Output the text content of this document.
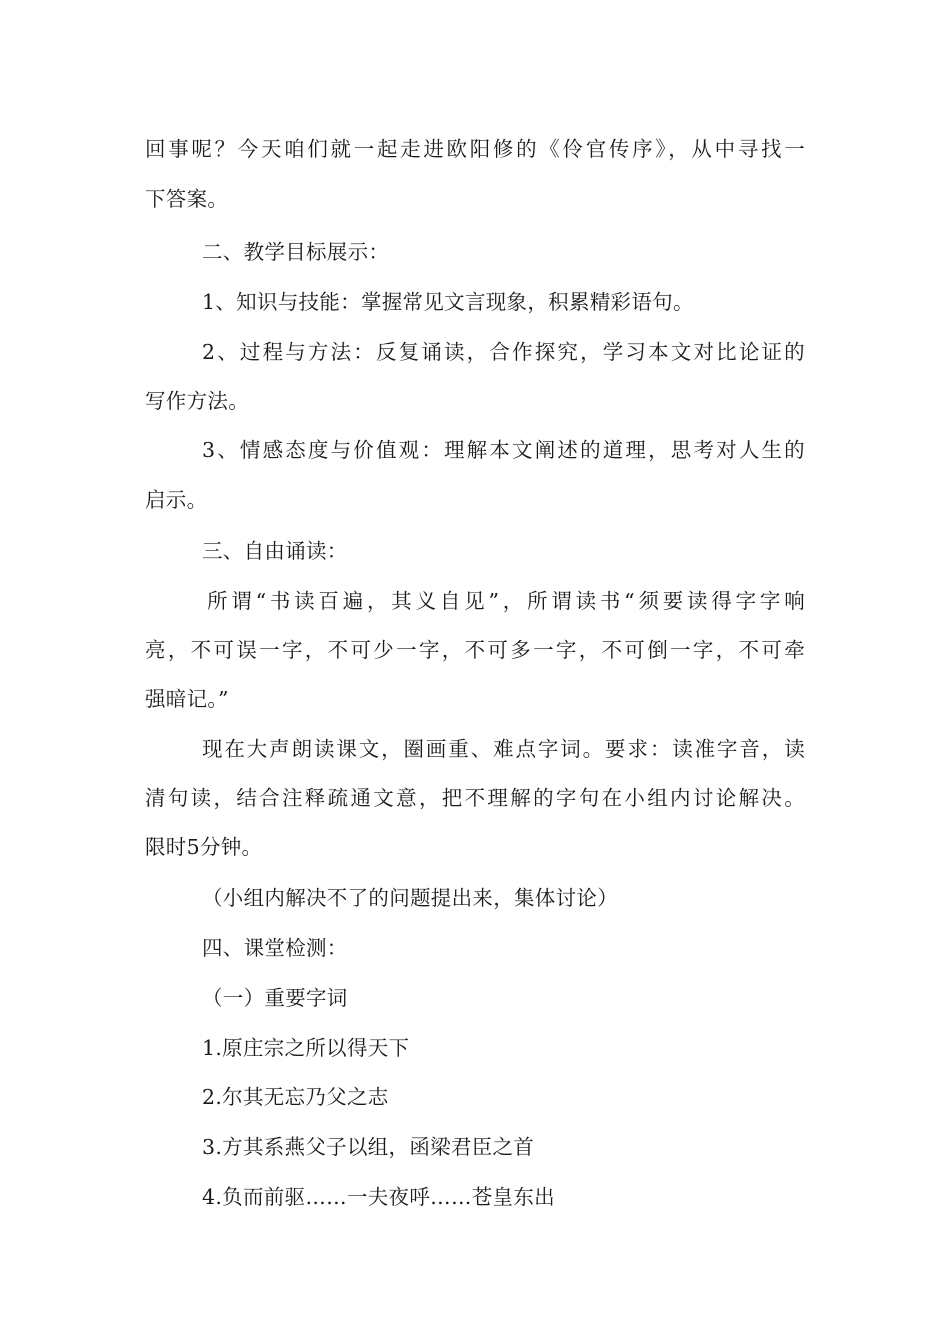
回事呢？今天咱们就一起走进欧阳修的《伶官传序》，从中寻找一
下答案。
二、教学目标展示：
1、知识与技能：掌握常见文言现象，积累精彩语句。
2、过程与方法：反复诵读，合作探究，学习本文对比论证的
写作方法。
3、情感态度与价值观：理解本文阐述的道理，思考对人生的
启示。
三、自由诵读：
所谓“书读百遍，其义自见”，所谓读书“须要读得字字响
亮，不可误一字，不可少一字，不可多一字，不可倒一字，不可牵
强暗记。”
现在大声朗读课文，圈画重、难点字词。要求：读准字音，读
清句读，结合注释疏通文意，把不理解的字句在小组内讨论解决。
限时5分钟。
（小组内解决不了的问题提出来，集体讨论）
四、课堂检测：
（一）重要字词
1.原庄宗之所以得天下
2.尔其无忘乃父之志
3.方其系燕父子以组，函梁君臣之首
4.负而前驱……一夫夜呼……苍皇东出
